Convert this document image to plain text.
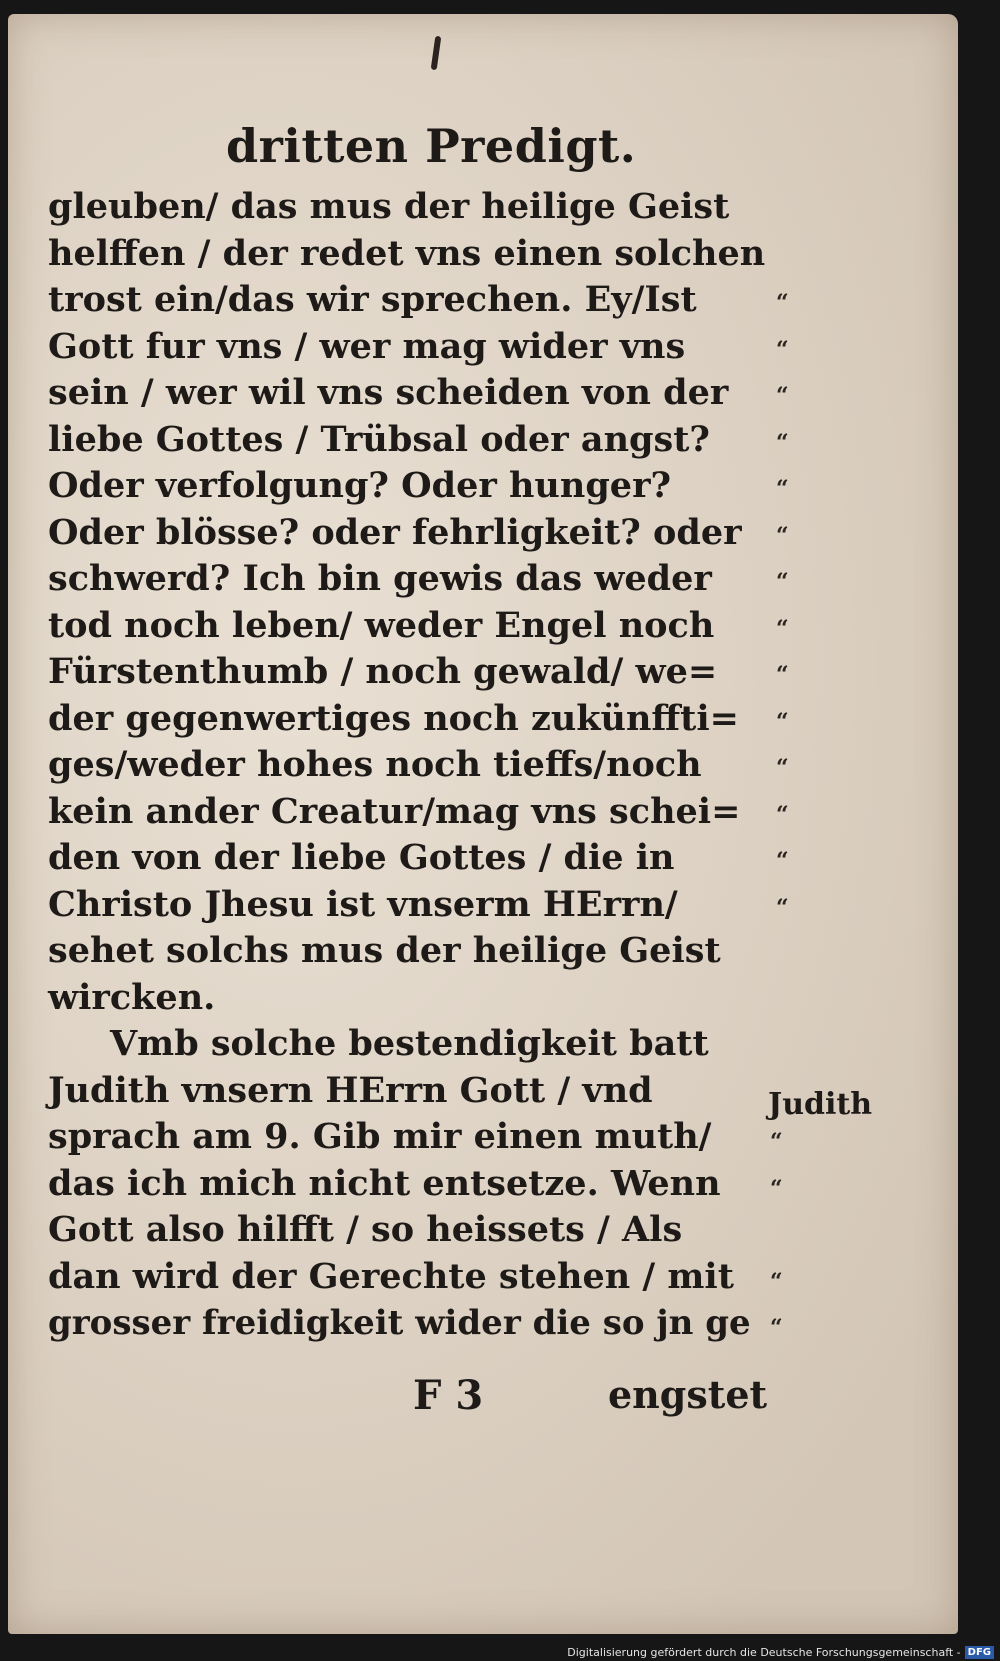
dritten Predigt.
gleuben/ das mus der heilige Geist
helffen / der redet vns einen solchen
trost ein/das wir sprechen. Ey/Ist
Gott fur vns / wer mag wider vns
sein / wer wil vns scheiden von der
liebe Gottes / Trübsal oder angst?
Oder verfolgung? Oder hunger?
Oder blösse? oder fehrligkeit? oder
schwerd? Ich bin gewis das weder
tod noch leben/ weder Engel noch
Fürstenthumb / noch gewald/ we=
der gegenwertiges noch zukünffti=
ges/weder hohes noch tieffs/noch
kein ander Creatur/mag vns schei=
den von der liebe Gottes / die in
Christo Jhesu ist vnserm HErrn/
sehet solchs mus der heilige Geist
wircken.
Vmb solche bestendigkeit batt
Judith vnsern HErrn Gott / vnd
sprach am 9. Gib mir einen muth/
das ich mich nicht entsetze. Wenn
Gott also hilfft / so heissets / Als
dan wird der Gerechte stehen / mit
grosser freidigkeit wider die so jn ge
“
“
“
“
“
“
“
“
“
“
“
“
“
“
Judith
“
“
“
“
F 3	engstet
Digitalisierung gefördert durch die Deutsche Forschungsgemeinschaft - DFG
